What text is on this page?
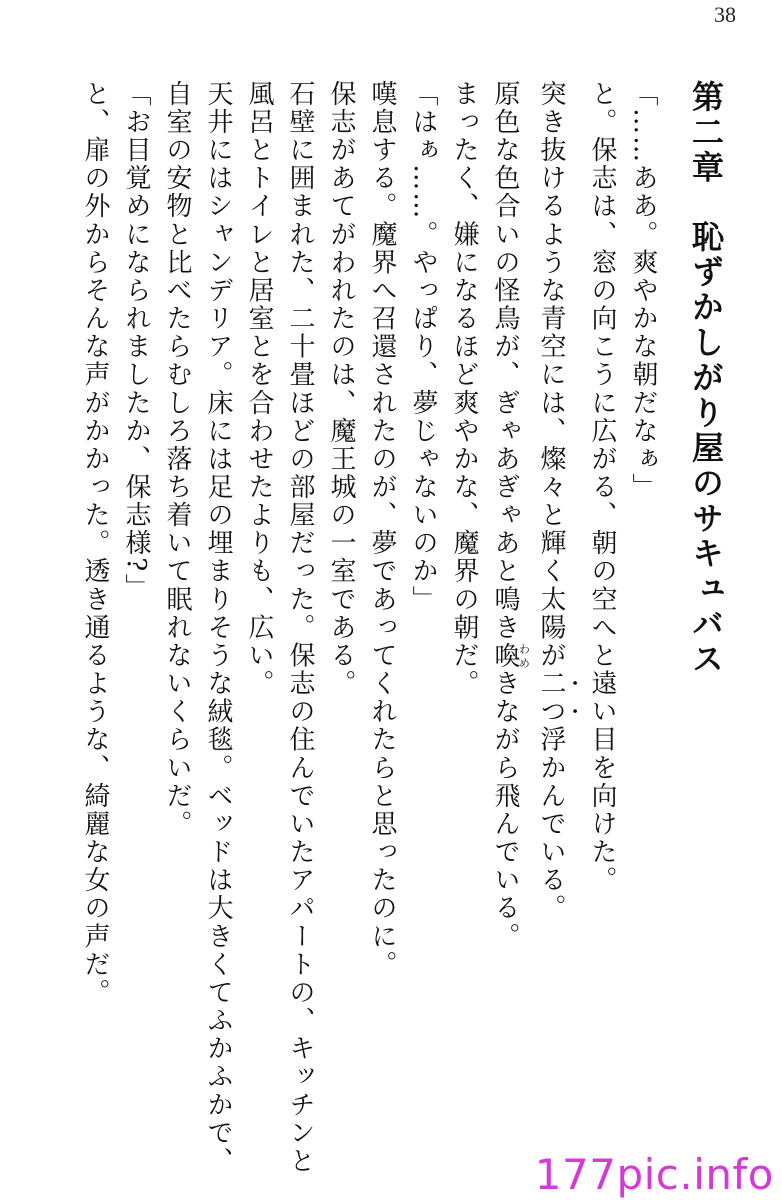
38
第二章恥ずかしがり屋のサキュバス
「……ああ。爽やかな朝だなぁ」
と。保志は、窓の向こうに広がる、朝の空へと遠い目を向けた。
突き抜けるような青空には、燦々と輝く太陽が二つ浮かんでいる。
原色な色合いの怪鳥が、ぎゃあぎゃあと鳴き喚わめきながら飛んでいる。
まったく、嫌になるほど爽やかな、魔界の朝だ。
「はぁ……。やっぱり、夢じゃないのか」
嘆息する。魔界へ召還されたのが、夢であってくれたらと思ったのに。
保志があてがわれたのは、魔王城の一室である。
石壁に囲まれた、二十畳ほどの部屋だった。保志の住んでいたアパートの、キッチンと
風呂とトイレと居室とを合わせたよりも、広い。
天井にはシャンデリア。床には足の埋まりそうな絨毯。ベッドは大きくてふかふかで、
自室の安物と比べたらむしろ落ち着いて眠れないくらいだ。
「お目覚めになられましたか、保志様?」
と、扉の外からそんな声がかかった。透き通るような、綺麗な女の声だ。
177pic.info
